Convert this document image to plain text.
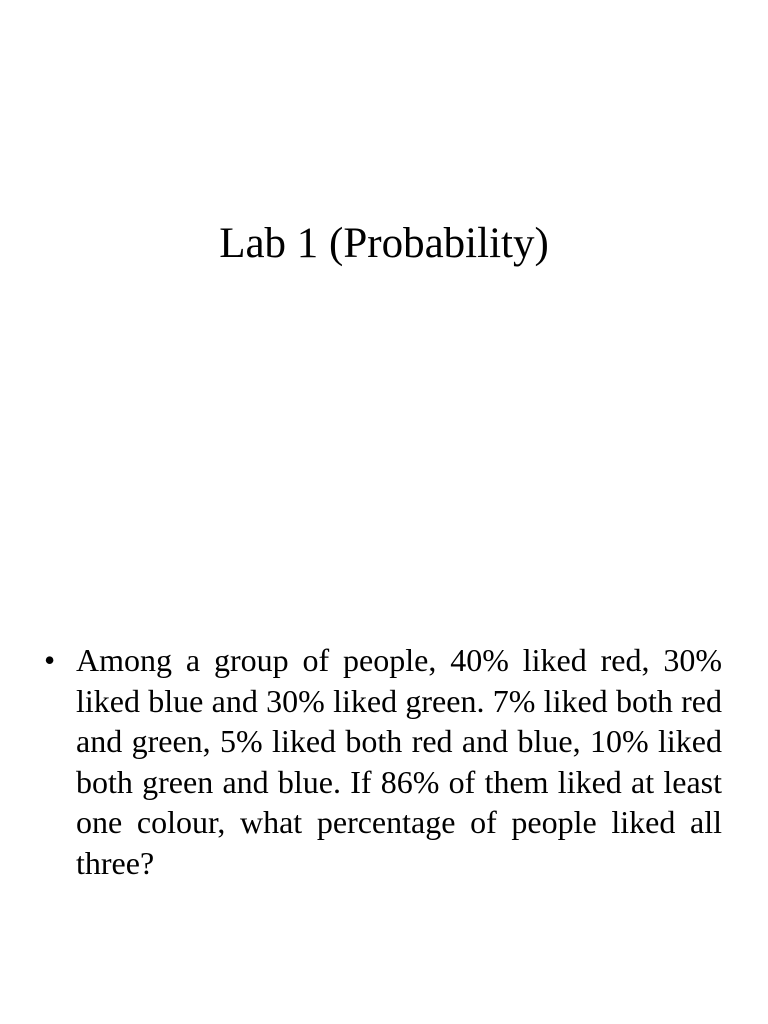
Lab 1 (Probability)
• Among a group of people, 40% liked red, 30% liked blue and 30% liked green. 7% liked both red and green, 5% liked both red and blue, 10% liked both green and blue. If 86% of them liked at least one colour, what percentage of people liked all three?
